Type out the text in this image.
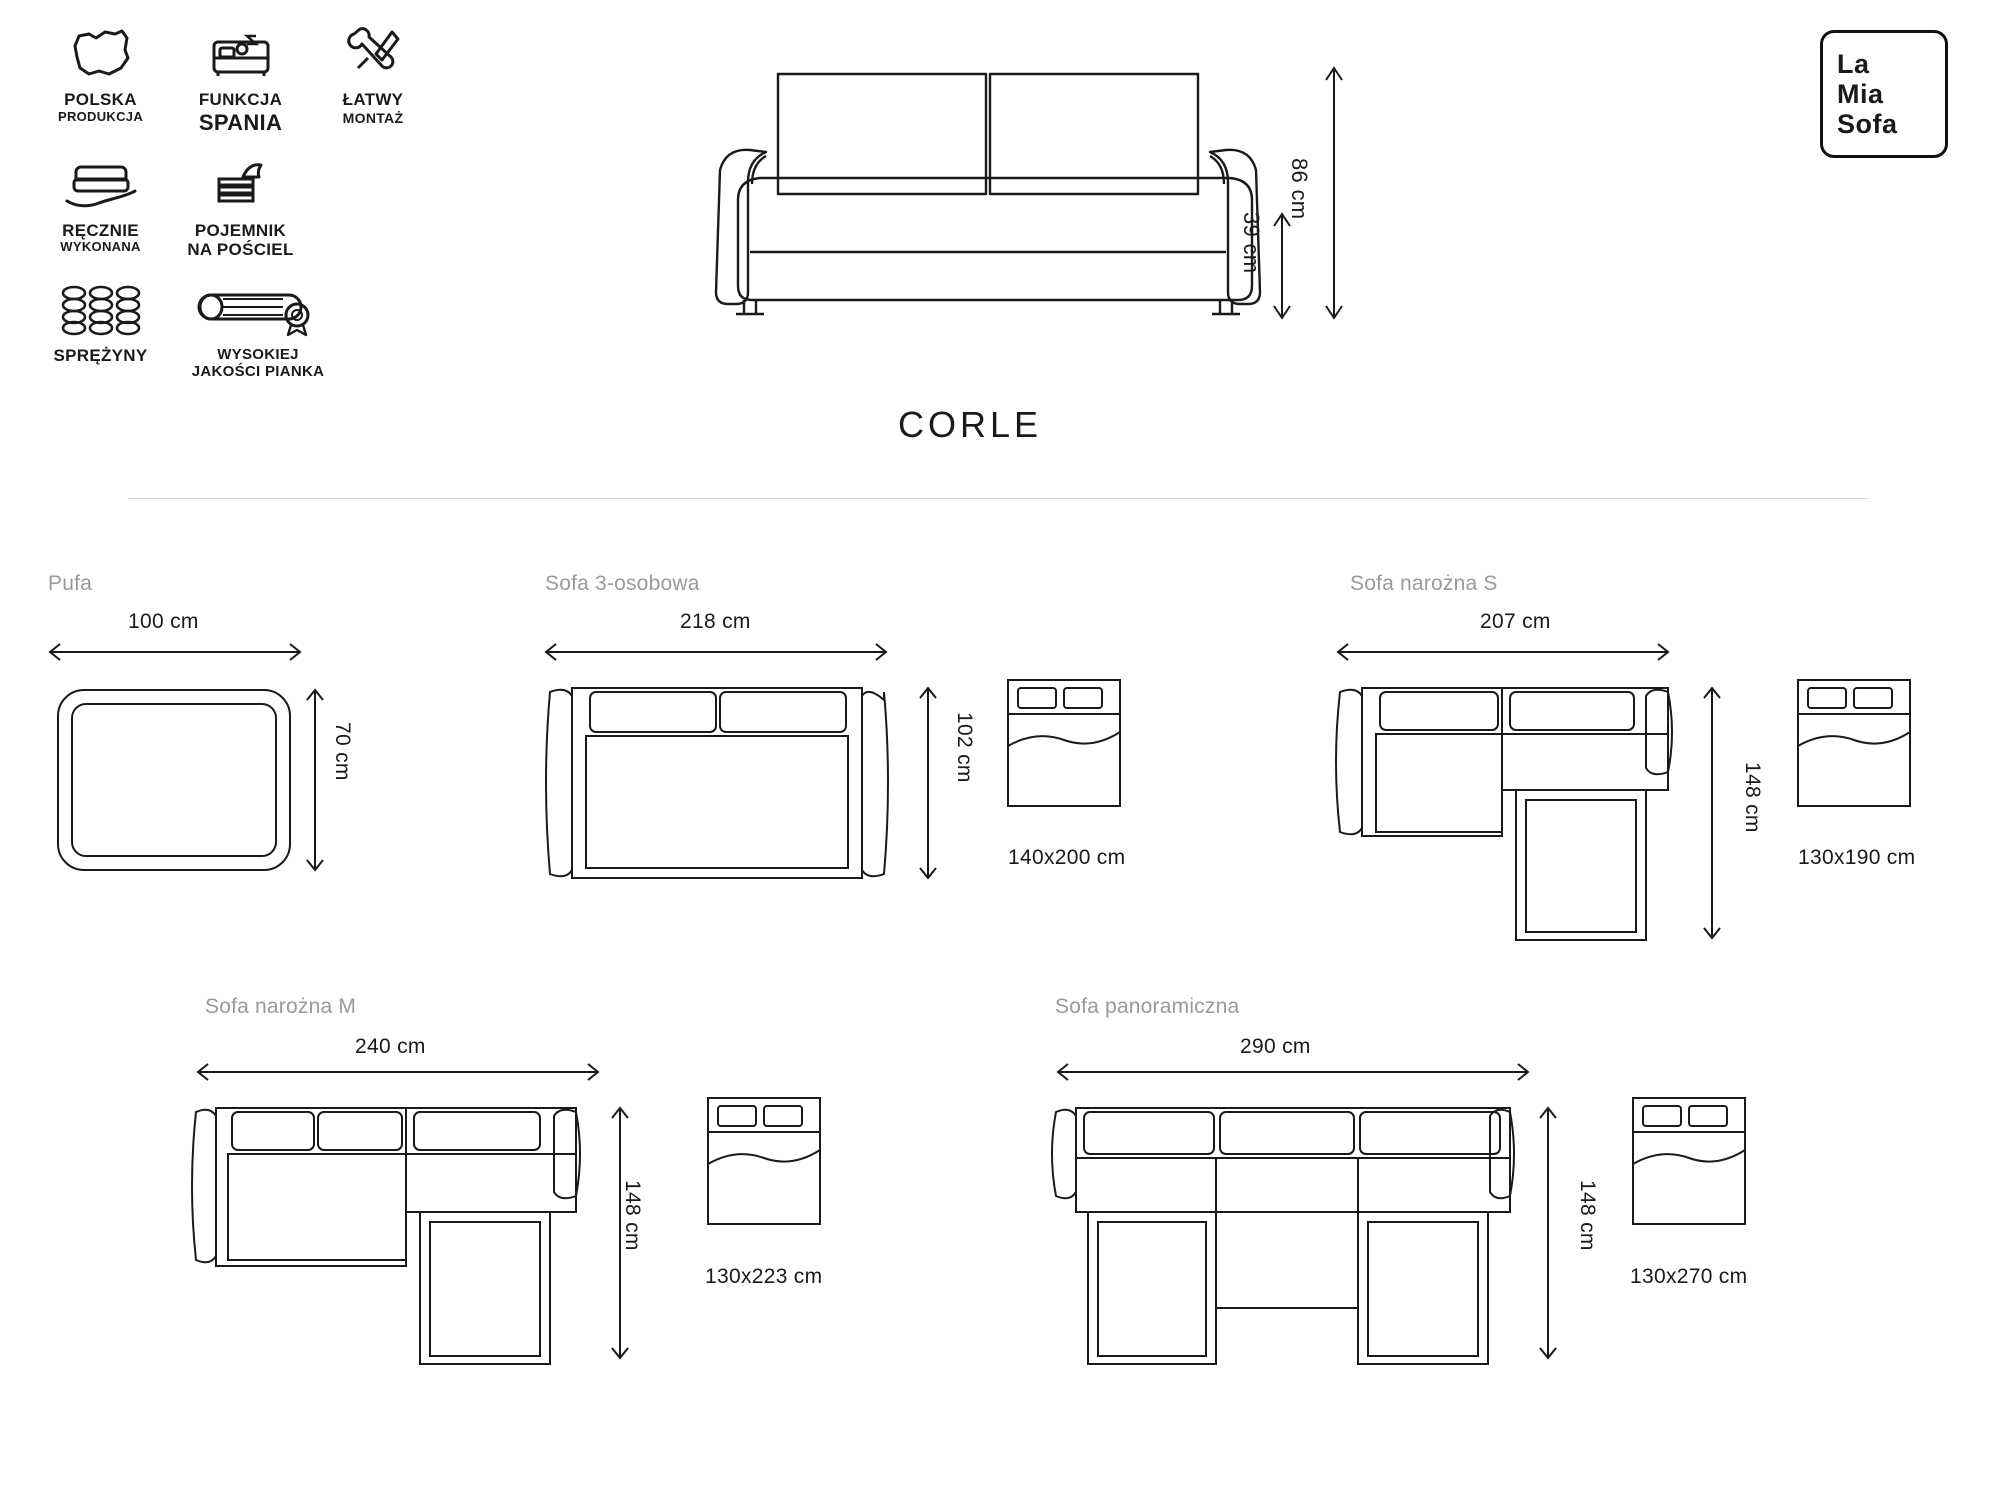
POLSKA
PRODUKCJA
FUNKCJA
SPANIA
ŁATWY
MONTAŻ
RĘCZNIE
WYKONANA
POJEMNIK
NA POŚCIEL
SPRĘŻYNY	WYSOKIEJ
JAKOŚCI PIANKA
86 cm
39 cm
CORLE
La
Mia
Sofa
Pufa
100 cm
70 cm
Sofa 3-osobowa
218 cm
102 cm
140x200 cm
Sofa narożna S
207 cm
148 cm
130x190 cm
Sofa narożna M
240 cm
148 cm
130x223 cm
Sofa panoramiczna
290 cm
148 cm
130x270 cm
